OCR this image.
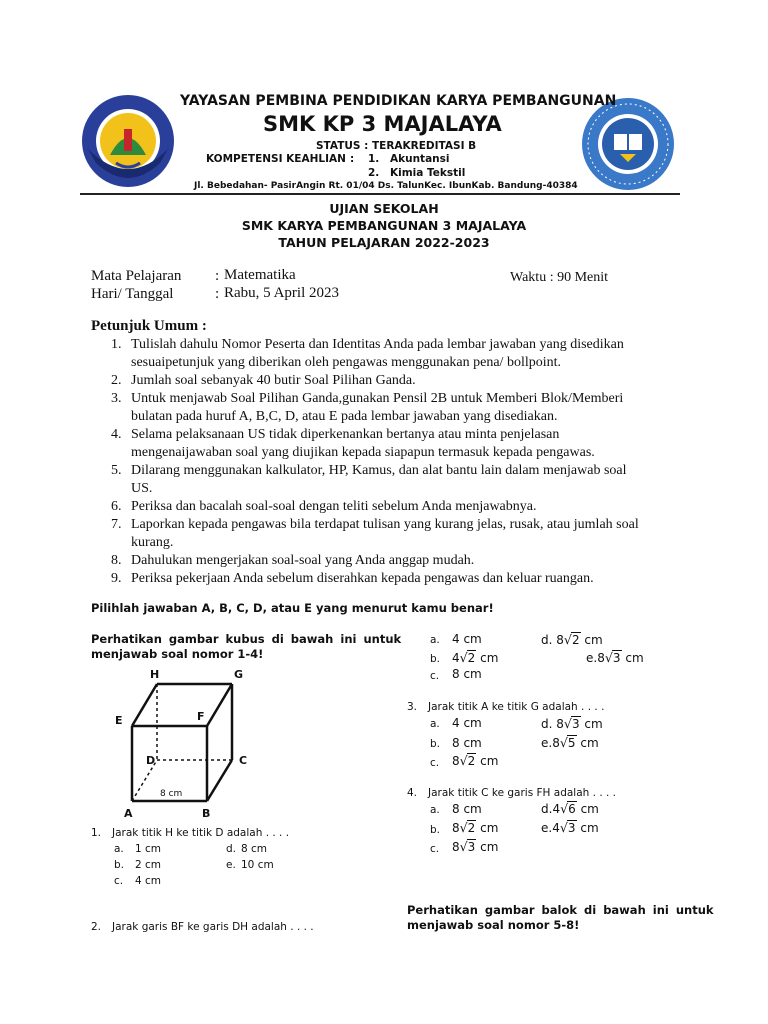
YAYASAN PEMBINA PENDIDIKAN KARYA PEMBANGUNAN
SMK KP 3 MAJALAYA
STATUS : TERAKREDITASI B
KOMPETENSI KEAHLIAN : 1. Akuntansi
2. Kimia Tekstil
Jl. Bebedahan- PasirAngin Rt. 01/04 Ds. TalunKec. IbunKab. Bandung-40384
UJIAN SEKOLAH
SMK KARYA PEMBANGUNAN 3 MAJALAYA
TAHUN PELAJARAN 2022-2023
Mata Pelajaran : Matematika
Hari/ Tanggal	: Rabu, 5 April 2023
Waktu : 90 Menit
Petunjuk Umum :
1. Tulislah dahulu Nomor Peserta dan Identitas Anda pada lembar jawaban yang disedikan
sesuaipetunjuk yang diberikan oleh pengawas menggunakan pena/ bollpoint.
2. Jumlah soal sebanyak 40 butir Soal Pilihan Ganda.
3. Untuk menjawab Soal Pilihan Ganda,gunakan Pensil 2B untuk Memberi Blok/Memberi
bulatan pada huruf A, B,C, D, atau E pada lembar jawaban yang disediakan.
4. Selama pelaksanaan US tidak diperkenankan bertanya atau minta penjelasan
mengenaijawaban soal yang diujikan kepada siapapun termasuk kepada pengawas.
5. Dilarang menggunakan kalkulator, HP, Kamus, dan alat bantu lain dalam menjawab soal
US.
6. Periksa dan bacalah soal-soal dengan teliti sebelum Anda menjawabnya.
7. Laporkan kepada pengawas bila terdapat tulisan yang kurang jelas, rusak, atau jumlah soal
kurang.
8. Dahulukan mengerjakan soal-soal yang Anda anggap mudah.
9. Periksa pekerjaan Anda sebelum diserahkan kepada pengawas dan keluar ruangan.
Pilihlah jawaban A, B, C, D, atau E yang menurut kamu benar!
Perhatikan gambar kubus di bawah ini untuk
menjawab soal nomor 1-4!
H	G
E	F
D	C
A	B
8 cm
1. Jarak titik H ke titik D adalah . . . .
a. 1 cm	d. 8 cm
b. 2 cm	e. 10 cm
c. 4 cm
2. Jarak garis BF ke garis DH adalah . . . .
a. 4 cm	d. 8√2 cm
b. 4√2 cm	e.8√3 cm
c. 8 cm
3. Jarak titik A ke titik G adalah . . . .
a. 4 cm	d. 8√3 cm
b. 8 cm	e.8√5 cm
c. 8√2 cm
4. Jarak titik C ke garis FH adalah . . . .
a. 8 cm	d.4√6 cm
b. 8√2 cm	e.4√3 cm
c. 8√3 cm
Perhatikan gambar balok di bawah ini untuk
menjawab soal nomor 5-8!
